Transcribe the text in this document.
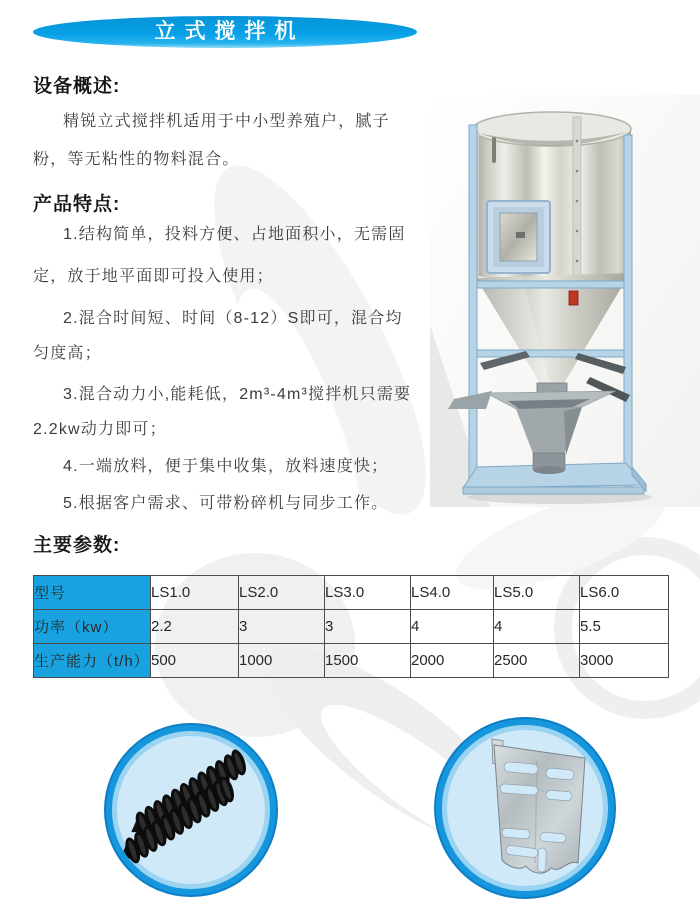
立式搅拌机
设备概述:
精锐立式搅拌机适用于中小型养殖户，腻子
粉，等无粘性的物料混合。
产品特点:
1.结构简单，投料方便、占地面积小，无需固
定，放于地平面即可投入使用；
2.混合时间短、时间（8-12）S即可，混合均
匀度高；
3.混合动力小,能耗低，2m³-4m³搅拌机只需要
2.2kw动力即可；
4.一端放料，便于集中收集，放料速度快；
5.根据客户需求、可带粉碎机与同步工作。
主要参数:
型号	LS1.0	LS2.0	LS3.0	LS4.0	LS5.0	LS6.0
功率（kw）	2.2	3	3	4	4	5.5
生产能力（t/h）	500	1000	1500	2000	2500	3000
